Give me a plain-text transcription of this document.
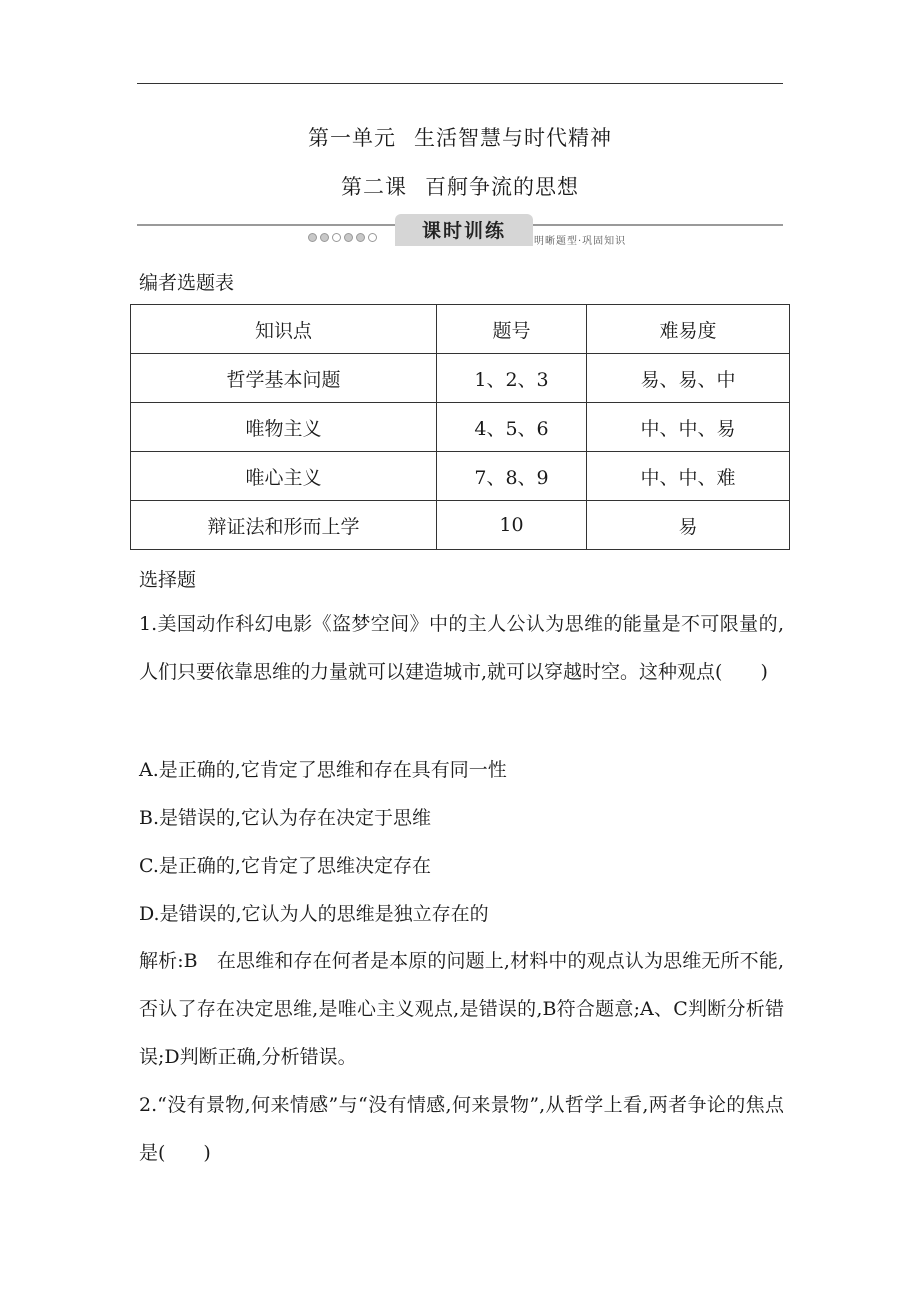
第一单元 生活智慧与时代精神
第二课 百舸争流的思想
课时训练	明晰题型·巩固知识
编者选题表
知识点	题号	难易度
哲学基本问题	1、2、3	易、易、中
唯物主义	4、5、6	中、中、易
唯心主义	7、8、9	中、中、难
辩证法和形而上学	10	易
选择题
1.美国动作科幻电影《盗梦空间》中的主人公认为思维的能量是不可限量的,人们只要依靠思维的力量就可以建造城市,就可以穿越时空。这种观点(　　)
A.是正确的,它肯定了思维和存在具有同一性
B.是错误的,它认为存在决定于思维
C.是正确的,它肯定了思维决定存在
D.是错误的,它认为人的思维是独立存在的
解析:B　在思维和存在何者是本原的问题上,材料中的观点认为思维无所不能,否认了存在决定思维,是唯心主义观点,是错误的,B符合题意;A、C判断分析错误;D判断正确,分析错误。
2.“没有景物,何来情感”与“没有情感,何来景物”,从哲学上看,两者争论的焦点是(　　)
